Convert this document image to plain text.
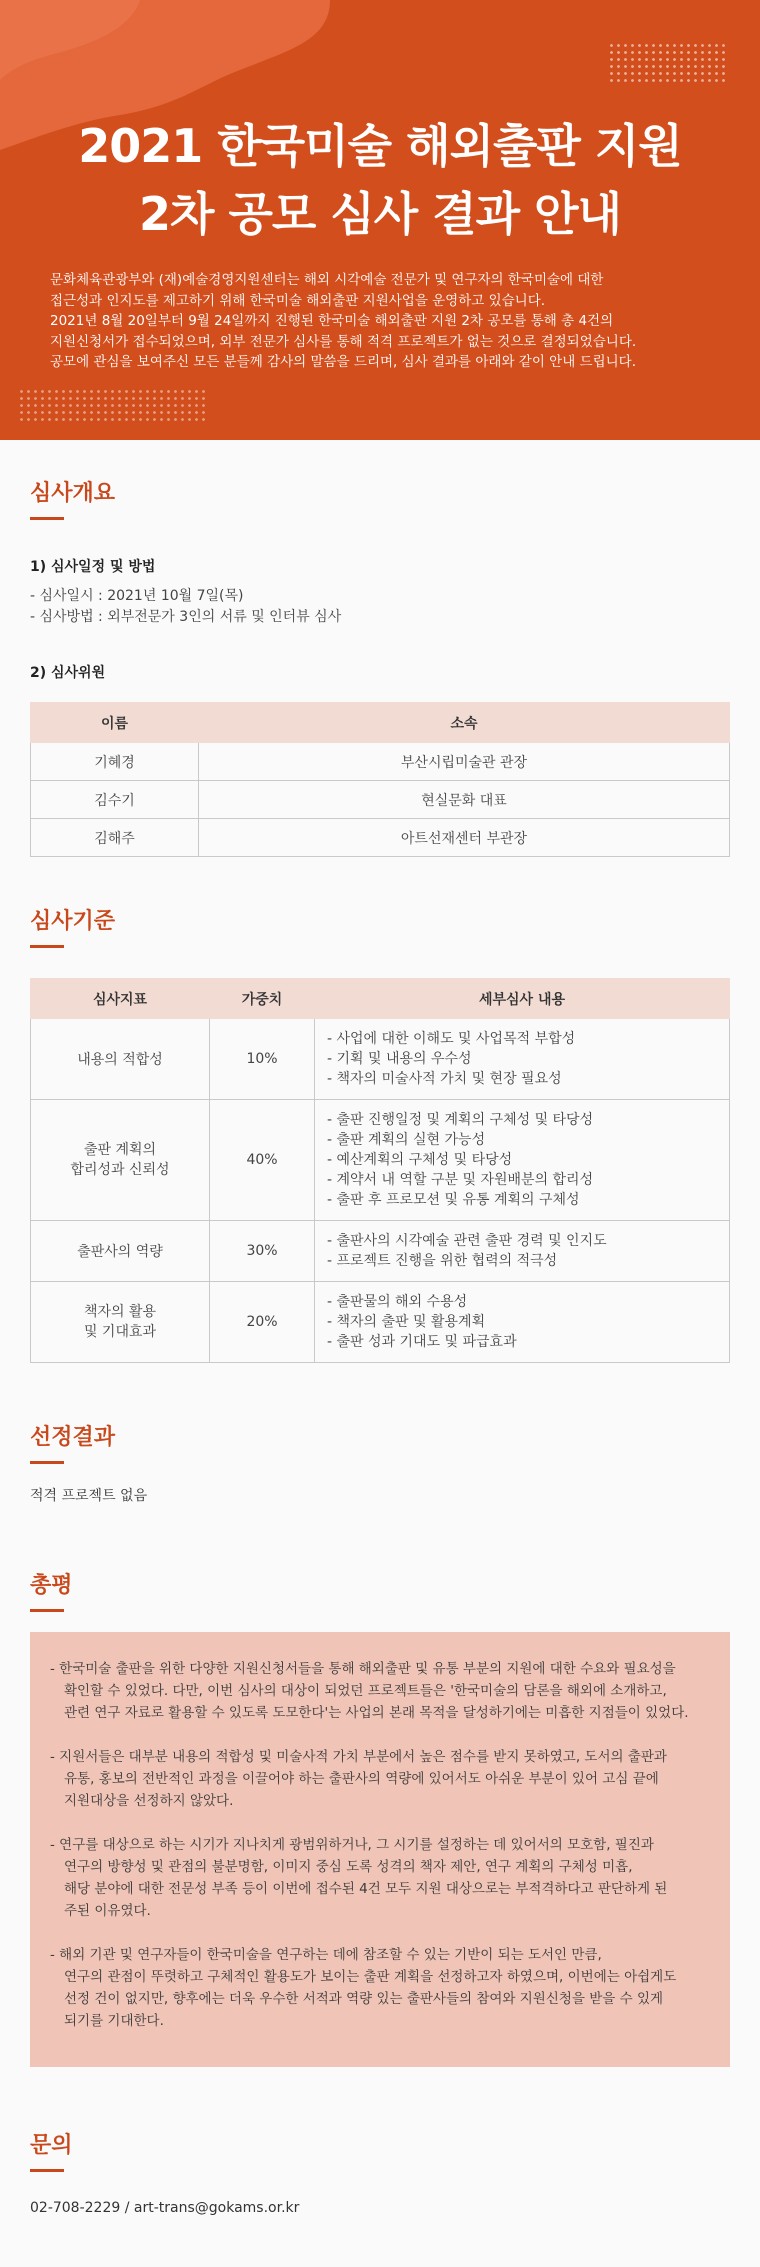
2021 한국미술 해외출판 지원
2차 공모 심사 결과 안내
문화체육관광부와 (재)예술경영지원센터는 해외 시각예술 전문가 및 연구자의 한국미술에 대한
접근성과 인지도를 제고하기 위해 한국미술 해외출판 지원사업을 운영하고 있습니다.
2021년 8월 20일부터 9월 24일까지 진행된 한국미술 해외출판 지원 2차 공모를 통해 총 4건의
지원신청서가 접수되었으며, 외부 전문가 심사를 통해 적격 프로젝트가 없는 것으로 결정되었습니다.
공모에 관심을 보여주신 모든 분들께 감사의 말씀을 드리며, 심사 결과를 아래와 같이 안내 드립니다.
심사개요
1) 심사일정 및 방법
- 심사일시 : 2021년 10월 7일(목)
- 심사방법 : 외부전문가 3인의 서류 및 인터뷰 심사
2) 심사위원
이름	소속
기혜경	부산시립미술관 관장
김수기	현실문화 대표
김해주	아트선재센터 부관장
심사기준
심사지표	가중치	세부심사 내용

내용의 적합성	10%	- 사업에 대한 이해도 및 사업목적 부합성
- 기획 및 내용의 우수성
- 책자의 미술사적 가치 및 현장 필요성

출판 계획의
합리성과 신뢰성	40%	- 출판 진행일정 및 계획의 구체성 및 타당성
- 출판 계획의 실현 가능성
- 예산계획의 구체성 및 타당성
- 계약서 내 역할 구분 및 자원배분의 합리성
- 출판 후 프로모션 및 유통 계획의 구체성

출판사의 역량	30%	- 출판사의 시각예술 관련 출판 경력 및 인지도
- 프로젝트 진행을 위한 협력의 적극성

책자의 활용
및 기대효과	20%	- 출판물의 해외 수용성
- 책자의 출판 및 활용계획
- 출판 성과 기대도 및 파급효과
선정결과
적격 프로젝트 없음
총평
- 한국미술 출판을 위한 다양한 지원신청서들을 통해 해외출판 및 유통 부분의 지원에 대한 수요와 필요성을
확인할 수 있었다. 다만, 이번 심사의 대상이 되었던 프로젝트들은 '한국미술의 담론을 해외에 소개하고,
관련 연구 자료로 활용할 수 있도록 도모한다'는 사업의 본래 목적을 달성하기에는 미흡한 지점들이 있었다.
- 지원서들은 대부분 내용의 적합성 및 미술사적 가치 부분에서 높은 점수를 받지 못하였고, 도서의 출판과
유통, 홍보의 전반적인 과정을 이끌어야 하는 출판사의 역량에 있어서도 아쉬운 부분이 있어 고심 끝에
지원대상을 선정하지 않았다.
- 연구를 대상으로 하는 시기가 지나치게 광범위하거나, 그 시기를 설정하는 데 있어서의 모호함, 필진과
연구의 방향성 및 관점의 불분명함, 이미지 중심 도록 성격의 책자 제안, 연구 계획의 구체성 미흡,
해당 분야에 대한 전문성 부족 등이 이번에 접수된 4건 모두 지원 대상으로는 부적격하다고 판단하게 된
주된 이유였다.
- 해외 기관 및 연구자들이 한국미술을 연구하는 데에 참조할 수 있는 기반이 되는 도서인 만큼,
연구의 관점이 뚜렷하고 구체적인 활용도가 보이는 출판 계획을 선정하고자 하였으며, 이번에는 아쉽게도
선정 건이 없지만, 향후에는 더욱 우수한 서적과 역량 있는 출판사들의 참여와 지원신청을 받을 수 있게
되기를 기대한다.
문의
02-708-2229 / art-trans@gokams.or.kr
